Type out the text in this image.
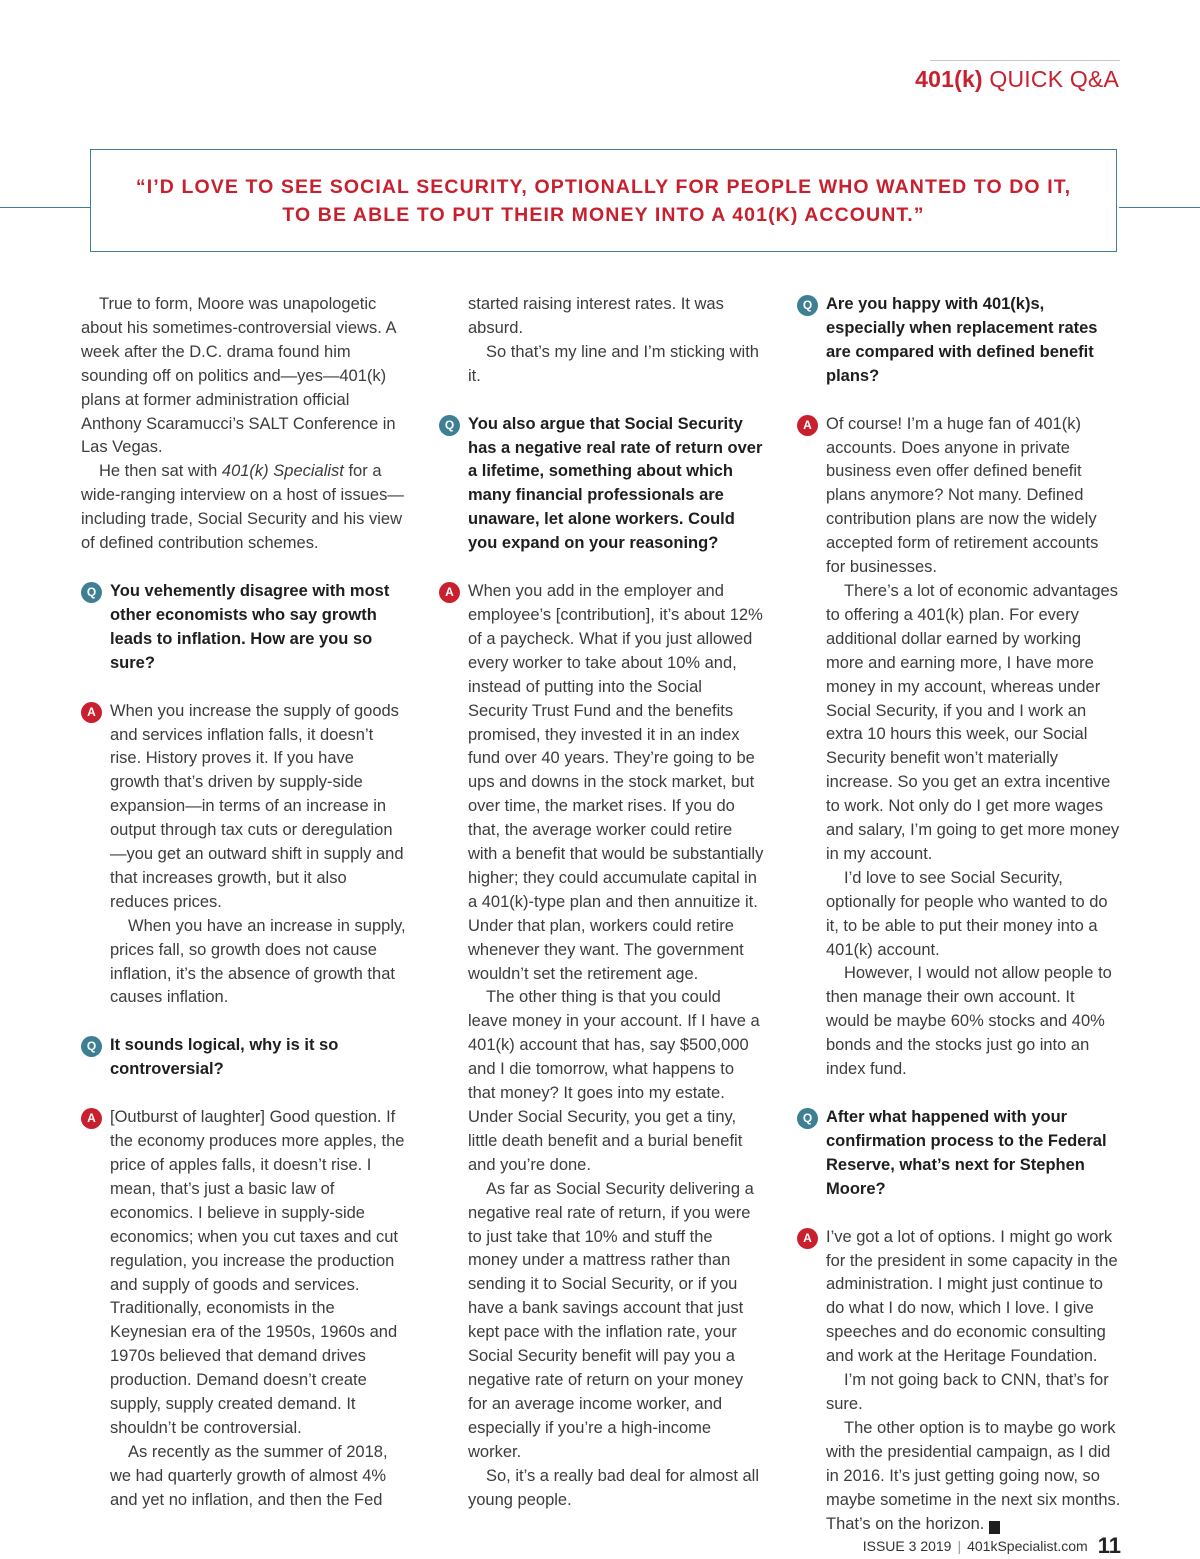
401(k) QUICK Q&A
“I’D LOVE TO SEE SOCIAL SECURITY, OPTIONALLY FOR PEOPLE WHO WANTED TO DO IT,
TO BE ABLE TO PUT THEIR MONEY INTO A 401(K) ACCOUNT.”

True to form, Moore was unapologetic about his sometimes-controversial views. A week after the D.C. drama found him sounding off on politics and—yes—401(k) plans at former administration official Anthony Scaramucci’s SALT Conference in Las Vegas.

He then sat with 401(k) Specialist for a wide-ranging interview on a host of issues—including trade, Social Security and his view of defined contribution schemes.

Q You vehemently disagree with most other economists who say growth leads to inflation. How are you so sure?

A When you increase the supply of goods and services inflation falls, it doesn’t rise. History proves it. If you have growth that’s driven by supply-side expansion—in terms of an increase in output through tax cuts or deregulation—you get an outward shift in supply and that increases growth, but it also reduces prices.

When you have an increase in supply, prices fall, so growth does not cause inflation, it’s the absence of growth that causes inflation.

Q It sounds logical, why is it so controversial?

A [Outburst of laughter] Good question. If the economy produces more apples, the price of apples falls, it doesn’t rise. I mean, that’s just a basic law of economics. I believe in supply-side economics; when you cut taxes and cut regulation, you increase the production and supply of goods and services. Traditionally, economists in the Keynesian era of the 1950s, 1960s and 1970s believed that demand drives production. Demand doesn’t create supply, supply created demand. It shouldn’t be controversial.

As recently as the summer of 2018, we had quarterly growth of almost 4% and yet no inflation, and then the Fed

started raising interest rates. It was absurd.

So that’s my line and I’m sticking with it.

Q You also argue that Social Security has a negative real rate of return over a lifetime, something about which many financial professionals are unaware, let alone workers. Could you expand on your reasoning?

A When you add in the employer and employee’s [contribution], it’s about 12% of a paycheck. What if you just allowed every worker to take about 10% and, instead of putting into the Social Security Trust Fund and the benefits promised, they invested it in an index fund over 40 years. They’re going to be ups and downs in the stock market, but over time, the market rises. If you do that, the average worker could retire with a benefit that would be substantially higher; they could accumulate capital in a 401(k)-type plan and then annuitize it. Under that plan, workers could retire whenever they want. The government wouldn’t set the retirement age.

The other thing is that you could leave money in your account. If I have a 401(k) account that has, say $500,000 and I die tomorrow, what happens to that money? It goes into my estate. Under Social Security, you get a tiny, little death benefit and a burial benefit and you’re done.

As far as Social Security delivering a negative real rate of return, if you were to just take that 10% and stuff the money under a mattress rather than sending it to Social Security, or if you have a bank savings account that just kept pace with the inflation rate, your Social Security benefit will pay you a negative rate of return on your money for an average income worker, and especially if you’re a high-income worker.

So, it’s a really bad deal for almost all young people.

Q Are you happy with 401(k)s, especially when replacement rates are compared with defined benefit plans?

A Of course! I’m a huge fan of 401(k) accounts. Does anyone in private business even offer defined benefit plans anymore? Not many. Defined contribution plans are now the widely accepted form of retirement accounts for businesses.

There’s a lot of economic advantages to offering a 401(k) plan. For every additional dollar earned by working more and earning more, I have more money in my account, whereas under Social Security, if you and I work an extra 10 hours this week, our Social Security benefit won’t materially increase. So you get an extra incentive to work. Not only do I get more wages and salary, I’m going to get more money in my account.

I’d love to see Social Security, optionally for people who wanted to do it, to be able to put their money into a 401(k) account.

However, I would not allow people to then manage their own account. It would be maybe 60% stocks and 40% bonds and the stocks just go into an index fund.

Q After what happened with your confirmation process to the Federal Reserve, what’s next for Stephen Moore?

A I’ve got a lot of options. I might go work for the president in some capacity in the administration. I might just continue to do what I do now, which I love. I give speeches and do economic consulting and work at the Heritage Foundation.

I’m not going back to CNN, that’s for sure.

The other option is to maybe go work with the presidential campaign, as I did in 2016. It’s just getting going now, so maybe sometime in the next six months. That’s on the horizon. K

ISSUE 3 2019 | 401kSpecialist.com 11
